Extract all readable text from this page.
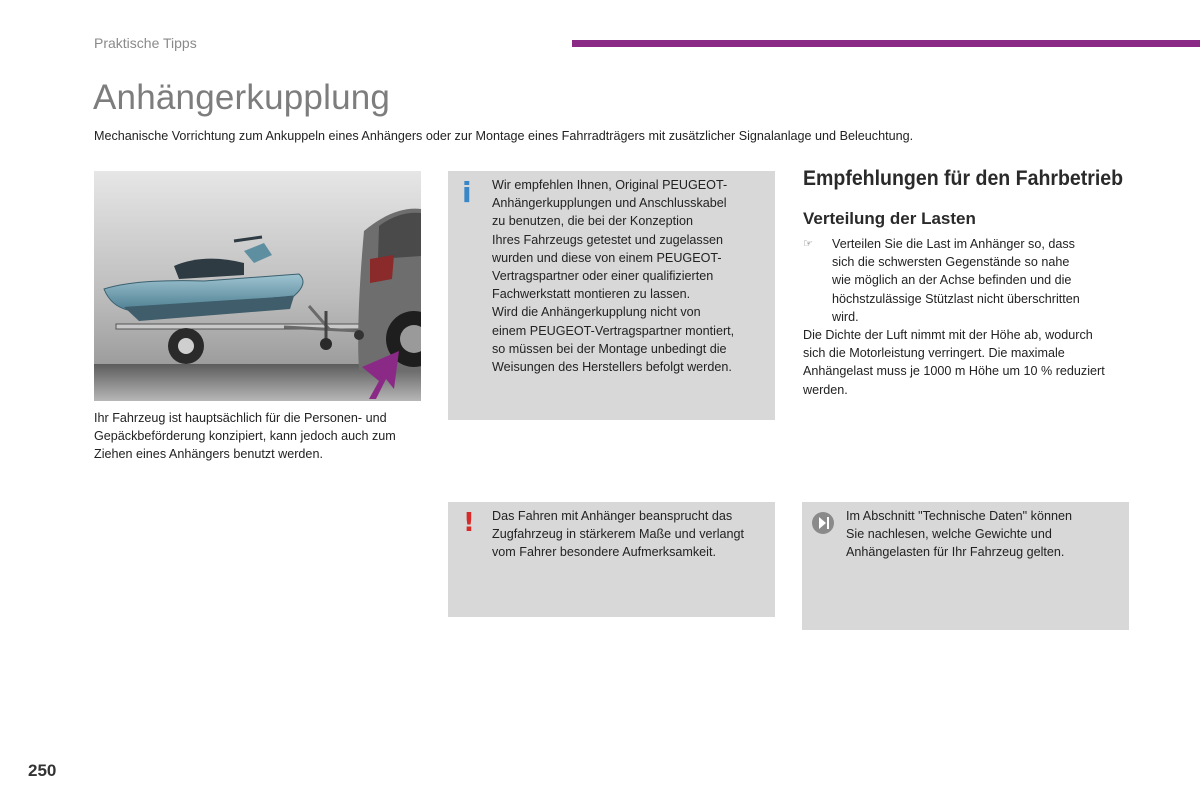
Praktische Tipps
Anhängerkupplung
Mechanische Vorrichtung zum Ankuppeln eines Anhängers oder zur Montage eines Fahrradträgers mit zusätzlicher Signalanlage und Beleuchtung.
Ihr Fahrzeug ist hauptsächlich für die Personen- und Gepäckbeförderung konzipiert, kann jedoch auch zum Ziehen eines Anhängers benutzt werden.
i Wir empfehlen Ihnen, Original PEUGEOT-
Anhängerkupplungen und Anschlusskabel
zu benutzen, die bei der Konzeption
Ihres Fahrzeugs getestet und zugelassen
wurden und diese von einem PEUGEOT-
Vertragspartner oder einer qualifizierten
Fachwerkstatt montieren zu lassen.
Wird die Anhängerkupplung nicht von
einem PEUGEOT-Vertragspartner montiert,
so müssen bei der Montage unbedingt die
Weisungen des Herstellers befolgt werden.
! Das Fahren mit Anhänger beansprucht das
Zugfahrzeug in stärkerem Maße und verlangt
vom Fahrer besondere Aufmerksamkeit.
Im Abschnitt "Technische Daten" können
Sie nachlesen, welche Gewichte und
Anhängelasten für Ihr Fahrzeug gelten.
Empfehlungen für den Fahrbetrieb
Verteilung der Lasten
☞ Verteilen Sie die Last im Anhänger so, dass
sich die schwersten Gegenstände so nahe
wie möglich an der Achse befinden und die
höchstzulässige Stützlast nicht überschritten
wird.
Die Dichte der Luft nimmt mit der Höhe ab, wodurch
sich die Motorleistung verringert. Die maximale
Anhängelast muss je 1000 m Höhe um 10 % reduziert
werden.
250
